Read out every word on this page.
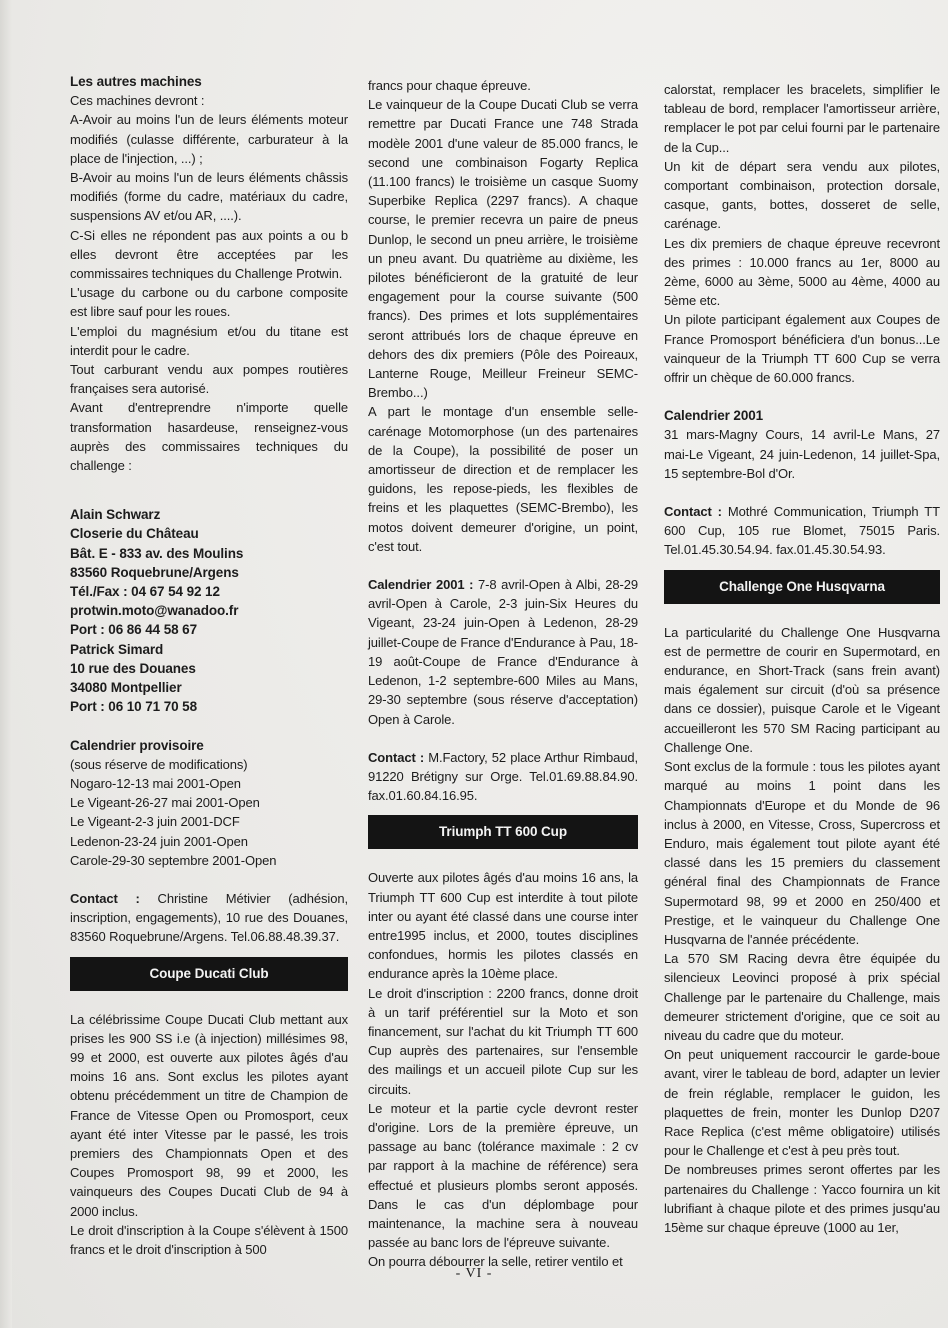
Les autres machines

Ces machines devront :

A-Avoir au moins l'un de leurs éléments moteur modifiés (culasse différente, carburateur à la place de l'injection, ...) ;

B-Avoir au moins l'un de leurs éléments châssis modifiés (forme du cadre, matériaux du cadre, suspensions AV et/ou AR, ....).

C-Si elles ne répondent pas aux points a ou b elles devront être acceptées par les commissaires techniques du Challenge Protwin.

L'usage du carbone ou du carbone composite est libre sauf pour les roues.

L'emploi du magnésium et/ou du titane est interdit pour le cadre.

Tout carburant vendu aux pompes routières françaises sera autorisé.

Avant d'entreprendre n'importe quelle transformation hasardeuse, renseignez-vous auprès des commissaires techniques du challenge :

Alain Schwarz

Closerie du Château

Bât. E - 833 av. des Moulins

83560 Roquebrune/Argens

Tél./Fax : 04 67 54 92 12

protwin.moto@wanadoo.fr

Port : 06 86 44 58 67

Patrick Simard

10 rue des Douanes

34080 Montpellier

Port : 06 10 71 70 58

Calendrier provisoire

(sous réserve de modifications)

Nogaro-12-13 mai 2001-Open

Le Vigeant-26-27 mai 2001-Open

Le Vigeant-2-3 juin 2001-DCF

Ledenon-23-24 juin 2001-Open

Carole-29-30 septembre 2001-Open

Contact : Christine Métivier (adhésion, inscription, engagements), 10 rue des Douanes, 83560 Roquebrune/Argens. Tel.06.88.48.39.37.

Coupe Ducati Club

La célébrissime Coupe Ducati Club mettant aux prises les 900 SS i.e (à injection) millésimes 98, 99 et 2000, est ouverte aux pilotes âgés d'au moins 16 ans. Sont exclus les pilotes ayant obtenu précédemment un titre de Champion de France de Vitesse Open ou Promosport, ceux ayant été inter Vitesse par le passé, les trois premiers des Championnats Open et des Coupes Promosport 98, 99 et 2000, les vainqueurs des Coupes Ducati Club de 94 à 2000 inclus.

Le droit d'inscription à la Coupe s'élèvent à 1500 francs et le droit d'inscription à 500

francs pour chaque épreuve.

Le vainqueur de la Coupe Ducati Club se verra remettre par Ducati France une 748 Strada modèle 2001 d'une valeur de 85.000 francs, le second une combinaison Fogarty Replica (11.100 francs) le troisième un casque Suomy Superbike Replica (2297 francs). A chaque course, le premier recevra un paire de pneus Dunlop, le second un pneu arrière, le troisième un pneu avant. Du quatrième au dixième, les pilotes bénéficieront de la gratuité de leur engagement pour la course suivante (500 francs). Des primes et lots supplémentaires seront attribués lors de chaque épreuve en dehors des dix premiers (Pôle des Poireaux, Lanterne Rouge, Meilleur Freineur SEMC-Brembo...)

A part le montage d'un ensemble selle-carénage Motomorphose (un des partenaires de la Coupe), la possibilité de poser un amortisseur de direction et de remplacer les guidons, les repose-pieds, les flexibles de freins et les plaquettes (SEMC-Brembo), les motos doivent demeurer d'origine, un point, c'est tout.

Calendrier 2001 : 7-8 avril-Open à Albi, 28-29 avril-Open à Carole, 2-3 juin-Six Heures du Vigeant, 23-24 juin-Open à Ledenon, 28-29 juillet-Coupe de France d'Endurance à Pau, 18-19 août-Coupe de France d'Endurance à Ledenon, 1-2 septembre-600 Miles au Mans, 29-30 septembre (sous réserve d'acceptation) Open à Carole.

Contact : M.Factory, 52 place Arthur Rimbaud, 91220 Brétigny sur Orge. Tel.01.69.88.84.90. fax.01.60.84.16.95.

Triumph TT 600 Cup

Ouverte aux pilotes âgés d'au moins 16 ans, la Triumph TT 600 Cup est interdite à tout pilote inter ou ayant été classé dans une course inter entre1995 inclus, et 2000, toutes disciplines confondues, hormis les pilotes classés en endurance après la 10ème place.

Le droit d'inscription : 2200 francs, donne droit à un tarif préférentiel sur la Moto et son financement, sur l'achat du kit Triumph TT 600 Cup auprès des partenaires, sur l'ensemble des mailings et un accueil pilote Cup sur les circuits.

Le moteur et la partie cycle devront rester d'origine. Lors de la première épreuve, un passage au banc (tolérance maximale : 2 cv par rapport à la machine de référence) sera effectué et plusieurs plombs seront apposés. Dans le cas d'un déplombage pour maintenance, la machine sera à nouveau passée au banc lors de l'épreuve suivante.

On pourra débourrer la selle, retirer ventilo et

calorstat, remplacer les bracelets, simplifier le tableau de bord, remplacer l'amortisseur arrière, remplacer le pot par celui fourni par le partenaire de la Cup...

Un kit de départ sera vendu aux pilotes, comportant combinaison, protection dorsale, casque, gants, bottes, dosseret de selle, carénage.

Les dix premiers de chaque épreuve recevront des primes : 10.000 francs au 1er, 8000 au 2ème, 6000 au 3ème, 5000 au 4ème, 4000 au 5ème etc.

Un pilote participant également aux Coupes de France Promosport bénéficiera d'un bonus...Le vainqueur de la Triumph TT 600 Cup se verra offrir un chèque de 60.000 francs.

Calendrier 2001

31 mars-Magny Cours, 14 avril-Le Mans, 27 mai-Le Vigeant, 24 juin-Ledenon, 14 juillet-Spa, 15 septembre-Bol d'Or.

Contact : Mothré Communication, Triumph TT 600 Cup, 105 rue Blomet, 75015 Paris. Tel.01.45.30.54.94. fax.01.45.30.54.93.

Challenge One Husqvarna

La particularité du Challenge One Husqvarna est de permettre de courir en Supermotard, en endurance, en Short-Track (sans frein avant) mais également sur circuit (d'où sa présence dans ce dossier), puisque Carole et le Vigeant accueilleront les 570 SM Racing participant au Challenge One.

Sont exclus de la formule : tous les pilotes ayant marqué au moins 1 point dans les Championnats d'Europe et du Monde de 96 inclus à 2000, en Vitesse, Cross, Supercross et Enduro, mais également tout pilote ayant été classé dans les 15 premiers du classement général final des Championnats de France Supermotard 98, 99 et 2000 en 250/400 et Prestige, et le vainqueur du Challenge One Husqvarna de l'année précédente.

La 570 SM Racing devra être équipée du silencieux Leovinci proposé à prix spécial Challenge par le partenaire du Challenge, mais demeurer strictement d'origine, que ce soit au niveau du cadre que du moteur.

On peut uniquement raccourcir le garde-boue avant, virer le tableau de bord, adapter un levier de frein réglable, remplacer le guidon, les plaquettes de frein, monter les Dunlop D207 Race Replica (c'est même obligatoire) utilisés pour le Challenge et c'est à peu près tout.

De nombreuses primes seront offertes par les partenaires du Challenge : Yacco fournira un kit lubrifiant à chaque pilote et des primes jusqu'au 15ème sur chaque épreuve (1000 au 1er,

- VI -
